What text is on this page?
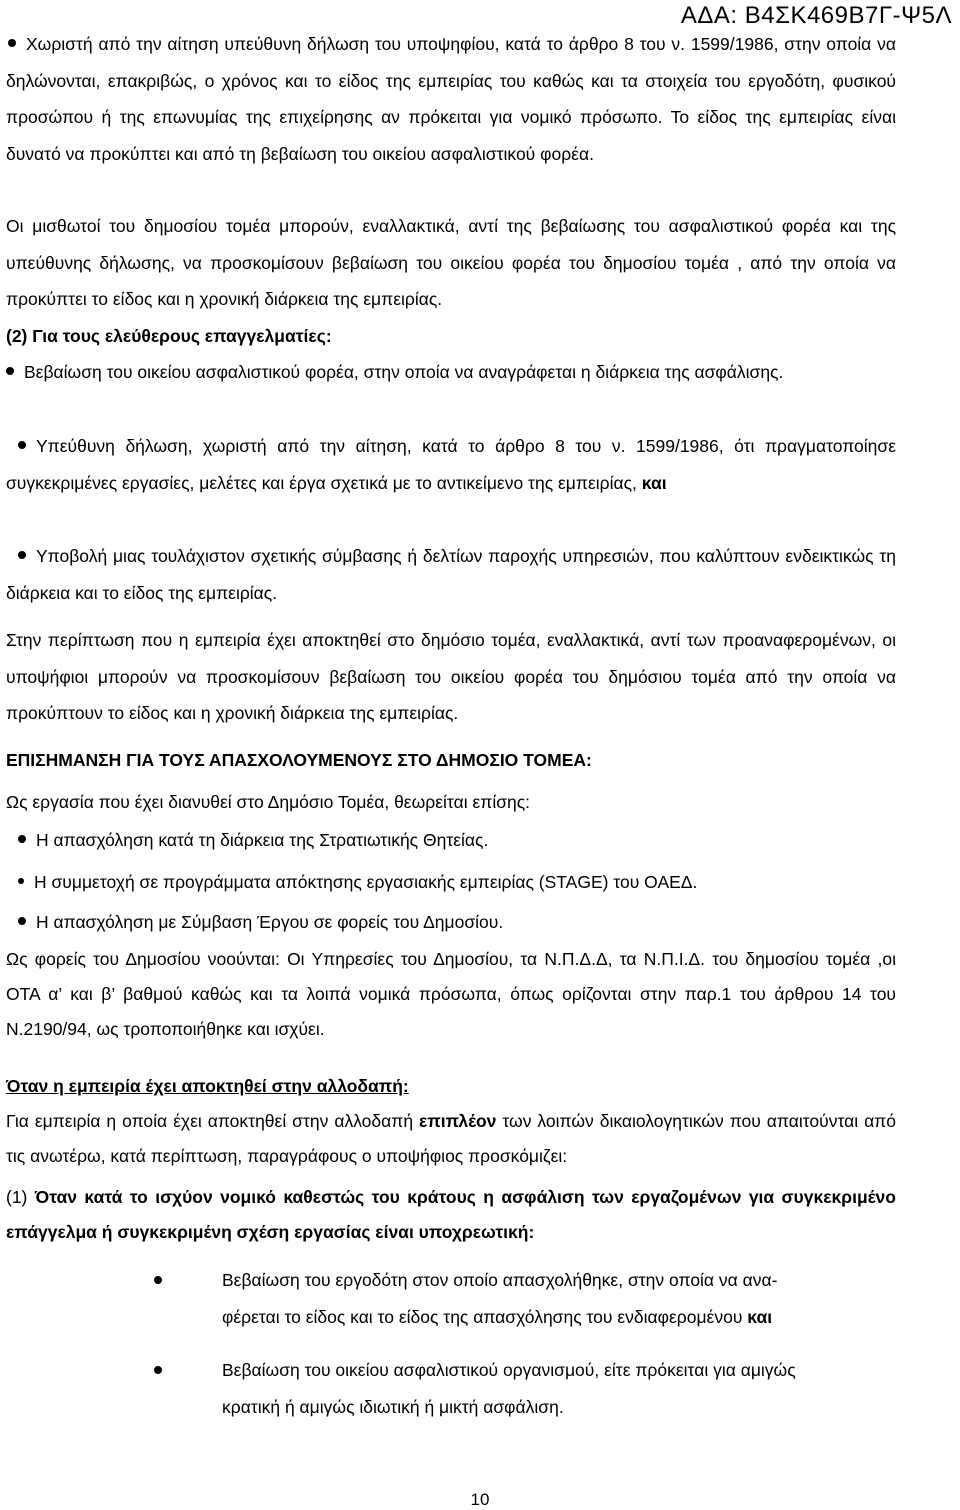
ΑΔΑ: Β4ΣΚ469Β7Γ-Ψ5Λ

Χωριστή από την αίτηση υπεύθυνη δήλωση του υποψηφίου, κατά το άρθρο 8 του ν. 1599/1986, στην οποία να δηλώνονται, επακριβώς, ο χρόνος και το είδος της εμπειρίας του καθώς και τα στοιχεία του εργοδότη, φυσικού προσώπου ή της επωνυμίας της επιχείρησης αν πρόκειται για νομικό πρόσωπο. Το είδος της εμπειρίας είναι δυνατό να προκύπτει και από τη βεβαίωση του οικείου ασφαλιστικού φορέα.

Οι μισθωτοί του δημοσίου τομέα μπορούν, εναλλακτικά, αντί της βεβαίωσης του ασφαλιστικού φορέα και της υπεύθυνης δήλωσης, να προσκομίσουν βεβαίωση του οικείου φορέα του δημοσίου τομέα , από την οποία να προκύπτει το είδος και η χρονική διάρκεια της εμπειρίας.

(2) Για τους ελεύθερους επαγγελματίες:

Βεβαίωση του οικείου ασφαλιστικού φορέα, στην οποία να αναγράφεται η διάρκεια της ασφάλισης.

Υπεύθυνη δήλωση, χωριστή από την αίτηση, κατά το άρθρο 8 του ν. 1599/1986, ότι πραγματοποίησε συγκεκριμένες εργασίες, μελέτες και έργα σχετικά με το αντικείμενο της εμπειρίας, και

Υποβολή μιας τουλάχιστον σχετικής σύμβασης ή δελτίων παροχής υπηρεσιών, που καλύπτουν ενδεικτικώς τη διάρκεια και το είδος της εμπειρίας.

Στην περίπτωση που η εμπειρία έχει αποκτηθεί στο δημόσιο τομέα, εναλλακτικά, αντί των προαναφερομένων, οι υποψήφιοι μπορούν να προσκομίσουν βεβαίωση του οικείου φορέα του δημόσιου τομέα από την οποία να προκύπτουν το είδος και η χρονική διάρκεια της εμπειρίας.

ΕΠΙΣΗΜΑΝΣΗ ΓΙΑ ΤΟΥΣ ΑΠΑΣΧΟΛΟΥΜΕΝΟΥΣ ΣΤΟ ΔΗΜΟΣΙΟ ΤΟΜΕΑ:

Ως εργασία που έχει διανυθεί στο Δημόσιο Τομέα, θεωρείται επίσης:

Η απασχόληση κατά τη διάρκεια της Στρατιωτικής Θητείας.

Η συμμετοχή σε προγράμματα απόκτησης εργασιακής εμπειρίας (STAGE) του ΟΑΕΔ.

Η απασχόληση με Σύμβαση Έργου σε φορείς του Δημοσίου.

Ως φορείς του Δημοσίου νοούνται: Οι Υπηρεσίες του Δημοσίου, τα Ν.Π.Δ.Δ, τα Ν.Π.Ι.Δ. του δημοσίου τομέα ,οι ΟΤΑ α’ και β’ βαθμού καθώς και τα λοιπά νομικά πρόσωπα, όπως ορίζονται στην παρ.1 του άρθρου 14 του Ν.2190/94, ως τροποποιήθηκε και ισχύει.

Όταν η εμπειρία έχει αποκτηθεί στην αλλοδαπή:

Για εμπειρία η οποία έχει αποκτηθεί στην αλλοδαπή επιπλέον των λοιπών δικαιολογητικών που απαιτούνται από τις ανωτέρω, κατά περίπτωση, παραγράφους ο υποψήφιος προσκόμιζει:

(1) Όταν κατά το ισχύον νομικό καθεστώς του κράτους η ασφάλιση των εργαζομένων για συγκεκριμένο επάγγελμα ή συγκεκριμένη σχέση εργασίας είναι υποχρεωτική:

Βεβαίωση του εργοδότη στον οποίο απασχολήθηκε, στην οποία να ανα-
φέρεται το είδος και το είδος της απασχόλησης του ενδιαφερομένου και
Βεβαίωση του οικείου ασφαλιστικού οργανισμού, είτε πρόκειται για αμιγώς
κρατική ή αμιγώς ιδιωτική ή μικτή ασφάλιση.
10
